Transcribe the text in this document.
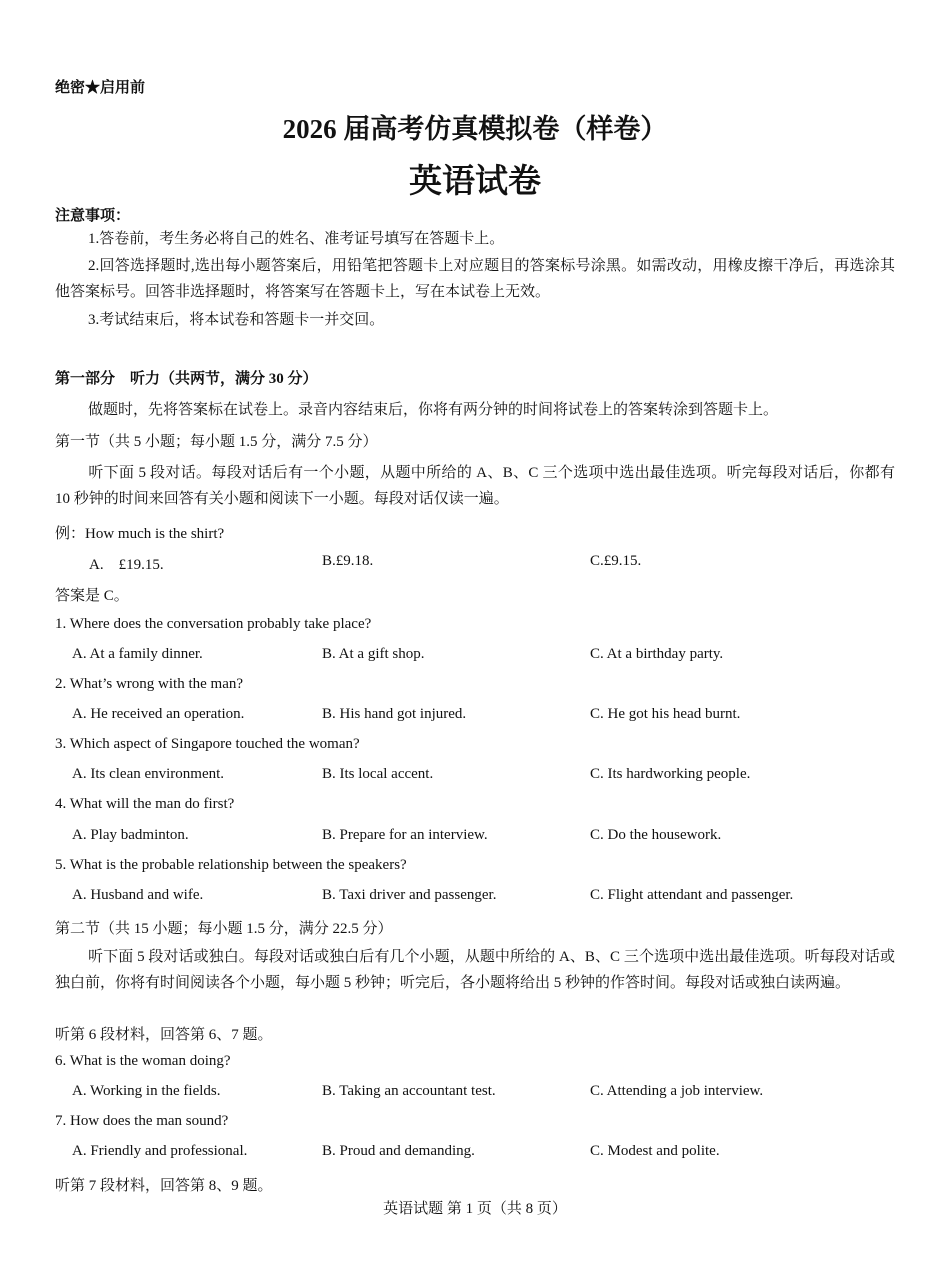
绝密★启用前
2026 届高考仿真模拟卷（样卷）
英语试卷
注意事项：
1.答卷前，考生务必将自己的姓名、准考证号填写在答题卡上。
2.回答选择题时,选出每小题答案后，用铅笔把答题卡上对应题目的答案标号涂黑。如需改动，用橡皮擦干净后，再选涂其他答案标号。回答非选择题时，将答案写在答题卡上，写在本试卷上无效。
3.考试结束后，将本试卷和答题卡一并交回。
第一部分　听力（共两节，满分 30 分）
做题时，先将答案标在试卷上。录音内容结束后，你将有两分钟的时间将试卷上的答案转涂到答题卡上。
第一节（共 5 小题；每小题 1.5 分，满分 7.5 分）
听下面 5 段对话。每段对话后有一个小题，从题中所给的 A、B、C 三个选项中选出最佳选项。听完每段对话后，你都有 10 秒钟的时间来回答有关小题和阅读下一小题。每段对话仅读一遍。
例：How much is the shirt?
A.　£19.15.	B.£9.18.	C.£9.15.
答案是 C。
1. Where does the conversation probably take place?
A. At a family dinner.	B. At a gift shop.	C. At a birthday party.
2. What’s wrong with the man?
A. He received an operation.	B. His hand got injured.	C. He got his head burnt.
3. Which aspect of Singapore touched the woman?
A. Its clean environment.	B. Its local accent.	C. Its hardworking people.
4. What will the man do first?
A. Play badminton.	B. Prepare for an interview.	C. Do the housework.
5. What is the probable relationship between the speakers?
A. Husband and wife.	B. Taxi driver and passenger.	C. Flight attendant and passenger.
第二节（共 15 小题；每小题 1.5 分，满分 22.5 分）
听下面 5 段对话或独白。每段对话或独白后有几个小题，从题中所给的 A、B、C 三个选项中选出最佳选项。听每段对话或独白前，你将有时间阅读各个小题，每小题 5 秒钟；听完后，各小题将给出 5 秒钟的作答时间。每段对话或独白读两遍。
听第 6 段材料，回答第 6、7 题。
6. What is the woman doing?
A. Working in the fields.	B. Taking an accountant test.	C. Attending a job interview.
7. How does the man sound?
A. Friendly and professional.	B. Proud and demanding.	C. Modest and polite.
听第 7 段材料，回答第 8、9 题。
英语试题 第 1 页（共 8 页）
